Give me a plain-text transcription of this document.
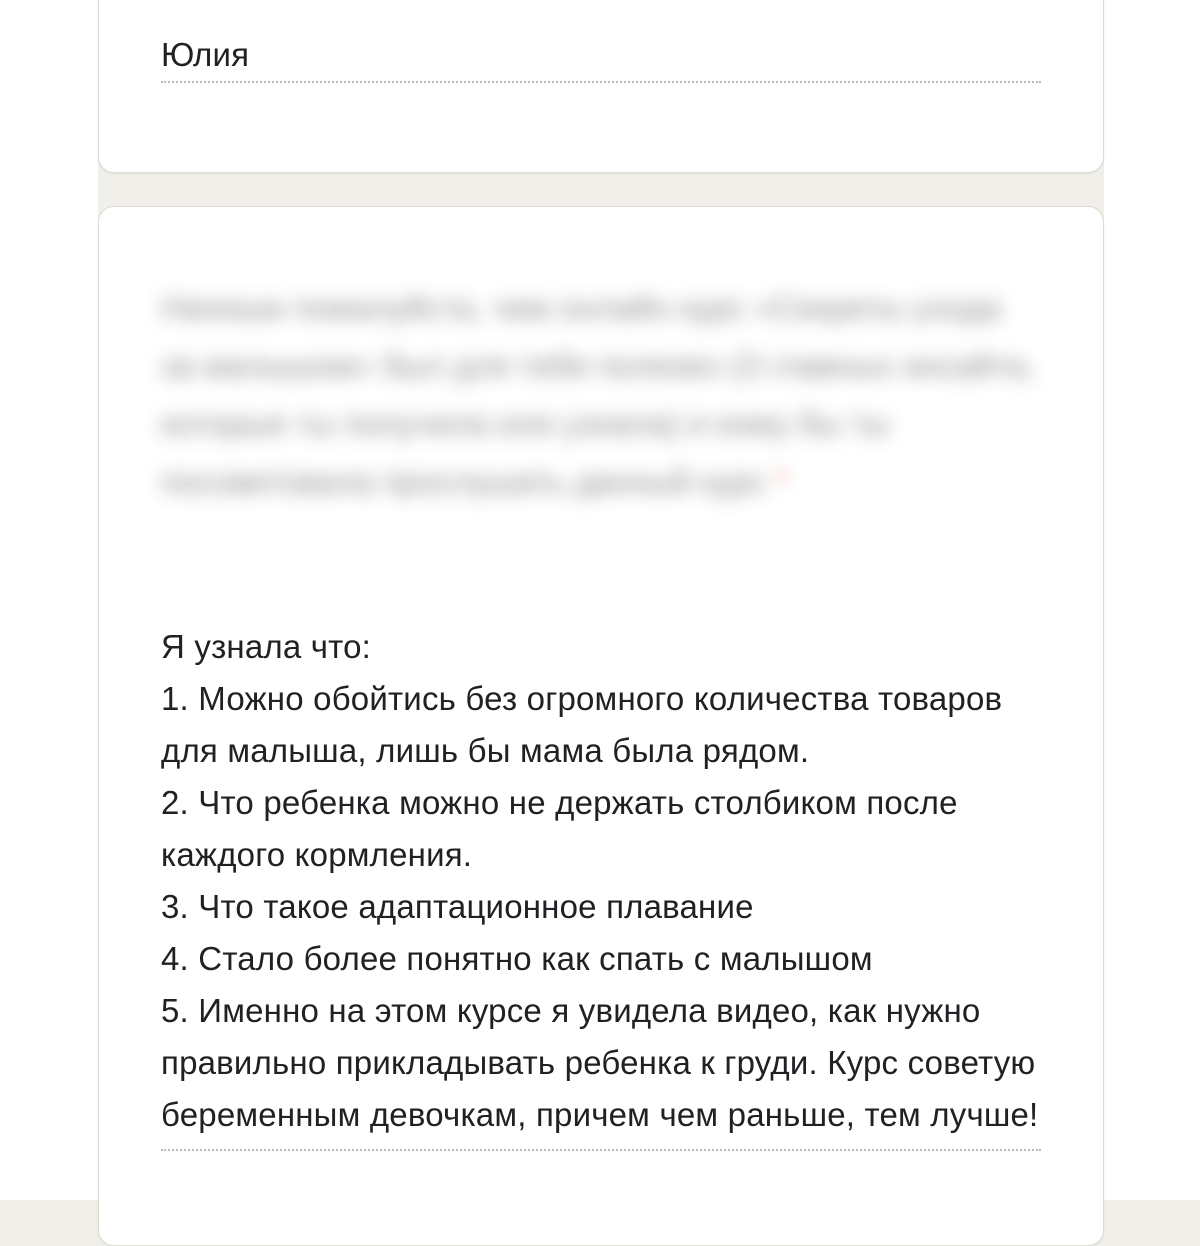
Юлия
Напиши пожалуйста, чем онлайн курс «Секреты ухода за малышом» был для тебя полезен (3 главных инсайта, которые ты получила или узнала) и кому бы ты посоветовала прослушать данный курс *
Я узнала что:
1. Можно обойтись без огромного количества товаров для малыша, лишь бы мама была рядом.
2. Что ребенка можно не держать столбиком после каждого кормления.
3. Что такое адаптационное плавание
4. Стало более понятно как спать с малышом
5. Именно на этом курсе я увидела видео, как нужно правильно прикладывать ребенка к груди. Курс советую беременным девочкам, причем чем раньше, тем лучше!
